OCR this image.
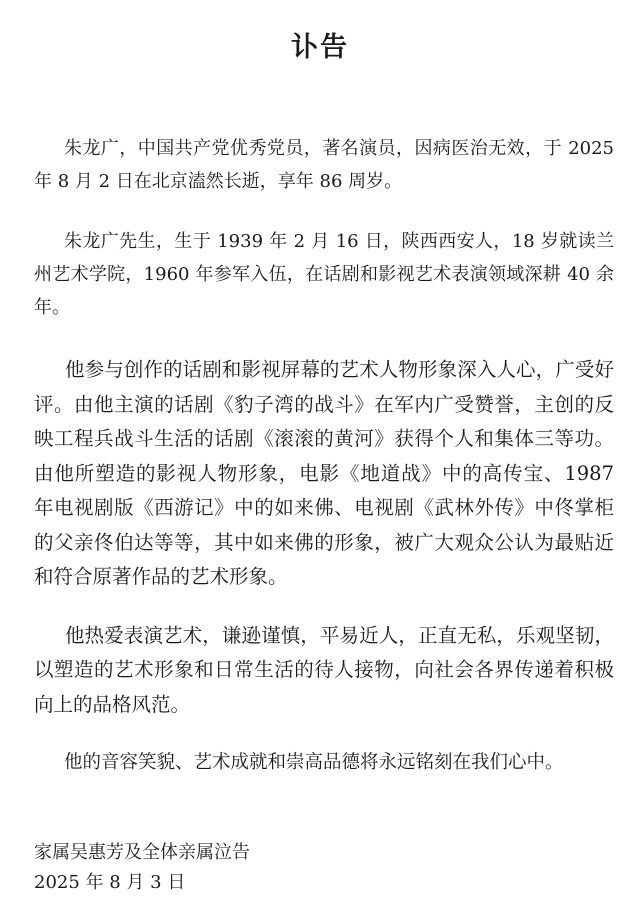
讣告

朱龙广，中国共产党优秀党员，著名演员，因病医治无效，于 2025 年 8 月 2 日在北京溘然长逝，享年 86 周岁。

朱龙广先生，生于 1939 年 2 月 16 日，陕西西安人，18 岁就读兰州艺术学院，1960 年参军入伍，在话剧和影视艺术表演领域深耕 40 余年。

他参与创作的话剧和影视屏幕的艺术人物形象深入人心，广受好评。由他主演的话剧《豹子湾的战斗》在军内广受赞誉，主创的反映工程兵战斗生活的话剧《滚滚的黄河》获得个人和集体三等功。由他所塑造的影视人物形象，电影《地道战》中的高传宝、1987 年电视剧版《西游记》中的如来佛、电视剧《武林外传》中佟掌柜的父亲佟伯达等等，其中如来佛的形象，被广大观众公认为最贴近和符合原著作品的艺术形象。

他热爱表演艺术，谦逊谨慎，平易近人，正直无私，乐观坚韧，以塑造的艺术形象和日常生活的待人接物，向社会各界传递着积极向上的品格风范。

他的音容笑貌、艺术成就和崇高品德将永远铭刻在我们心中。

家属吴惠芳及全体亲属泣告
2025 年 8 月 3 日
